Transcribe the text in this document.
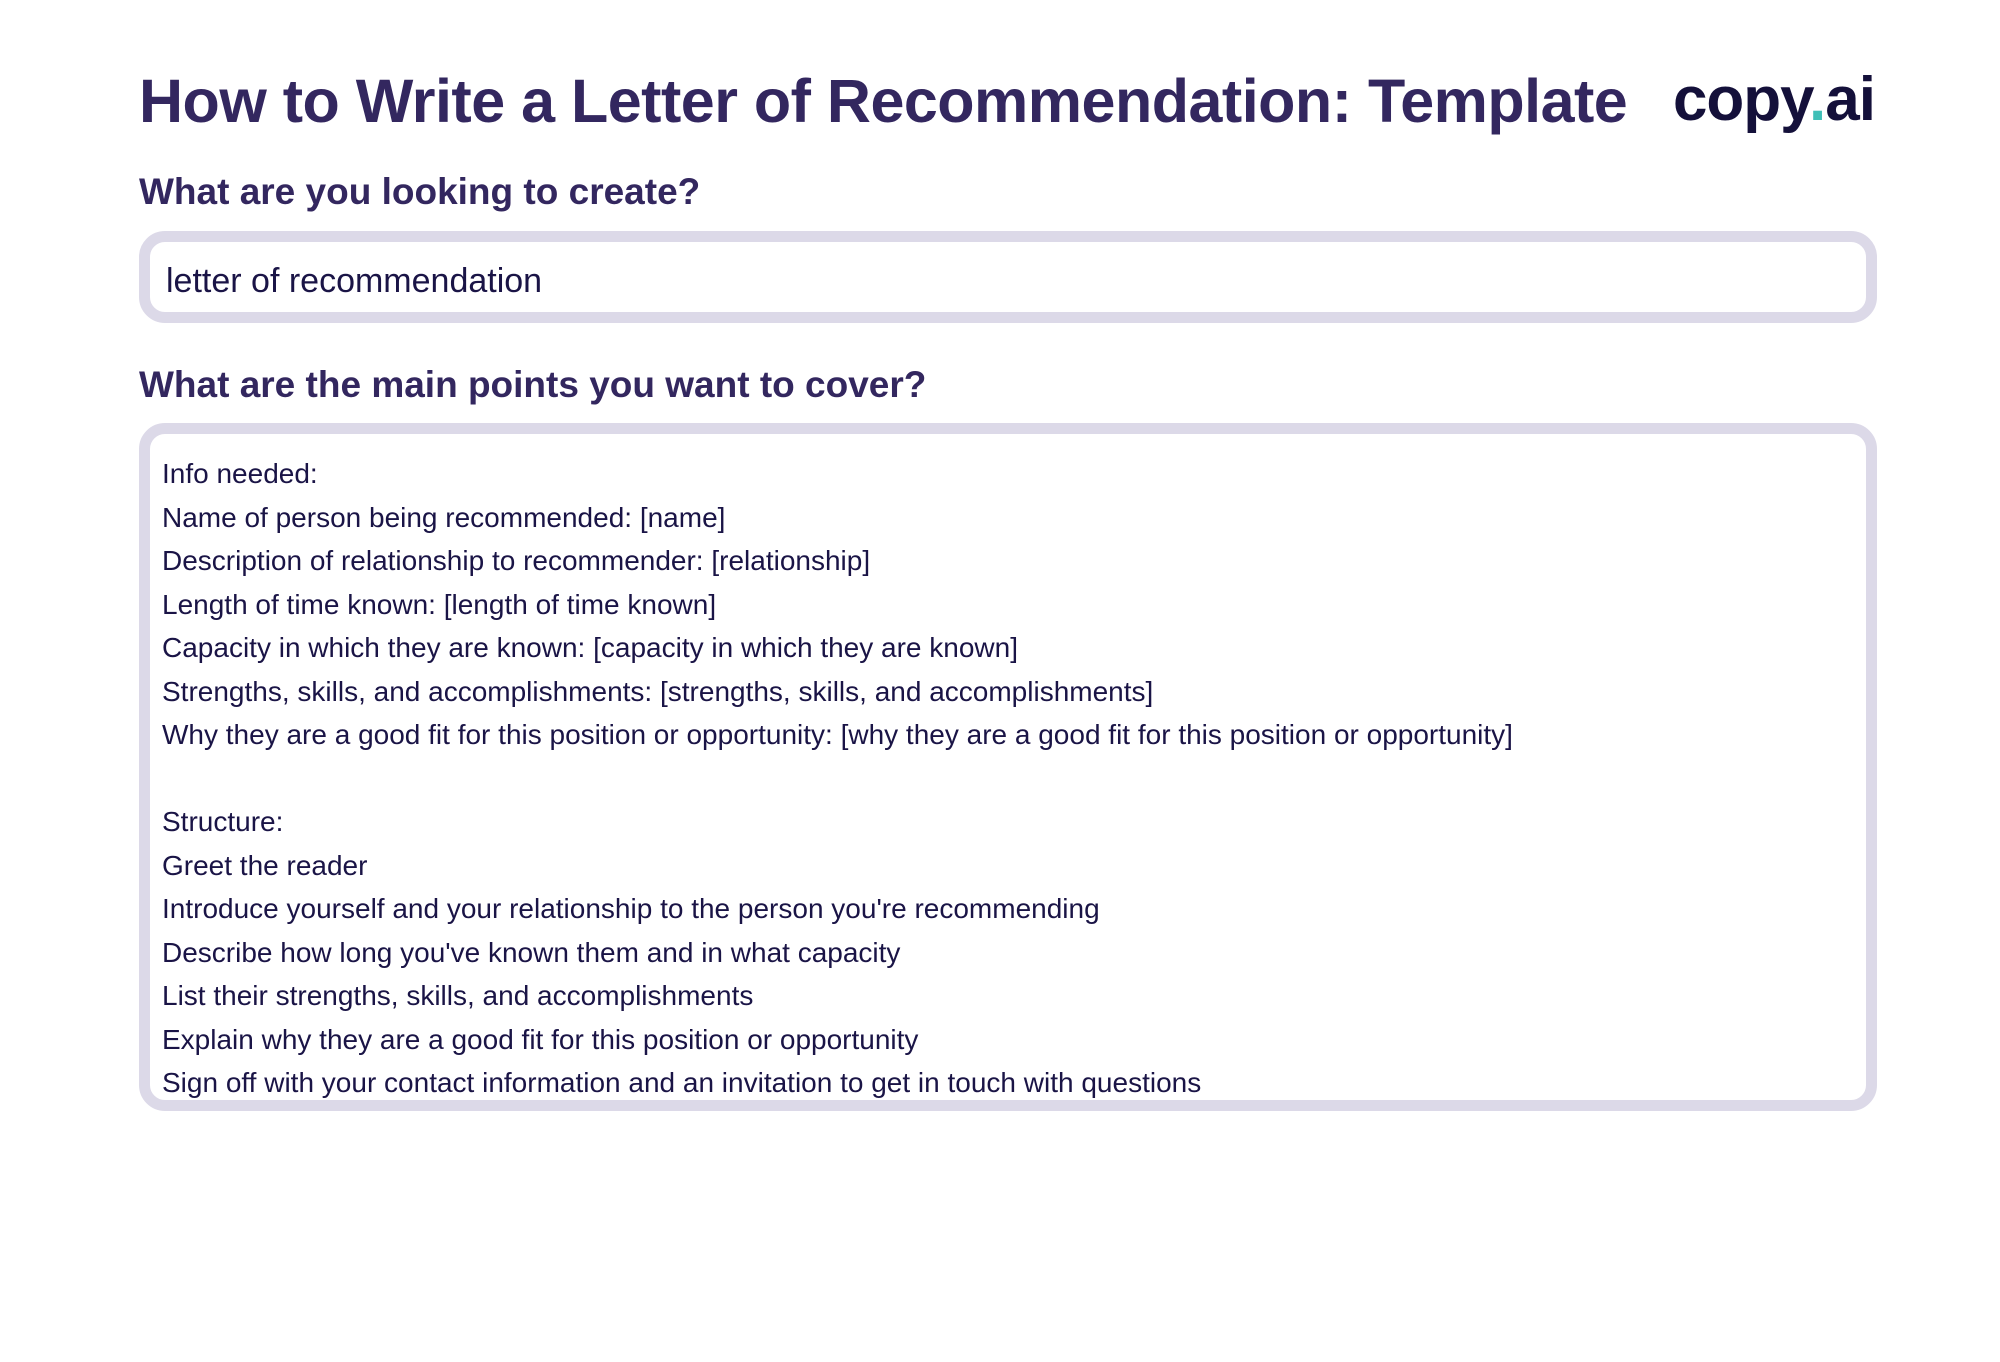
How to Write a Letter of Recommendation: Template copy.ai
What are you looking to create?
letter of recommendation
What are the main points you want to cover?
Info needed:
Name of person being recommended: [name]
Description of relationship to recommender: [relationship]
Length of time known: [length of time known]
Capacity in which they are known: [capacity in which they are known]
Strengths, skills, and accomplishments: [strengths, skills, and accomplishments]
Why they are a good fit for this position or opportunity: [why they are a good fit for this position or opportunity]
Structure:
Greet the reader
Introduce yourself and your relationship to the person you're recommending
Describe how long you've known them and in what capacity
List their strengths, skills, and accomplishments
Explain why they are a good fit for this position or opportunity
Sign off with your contact information and an invitation to get in touch with questions
